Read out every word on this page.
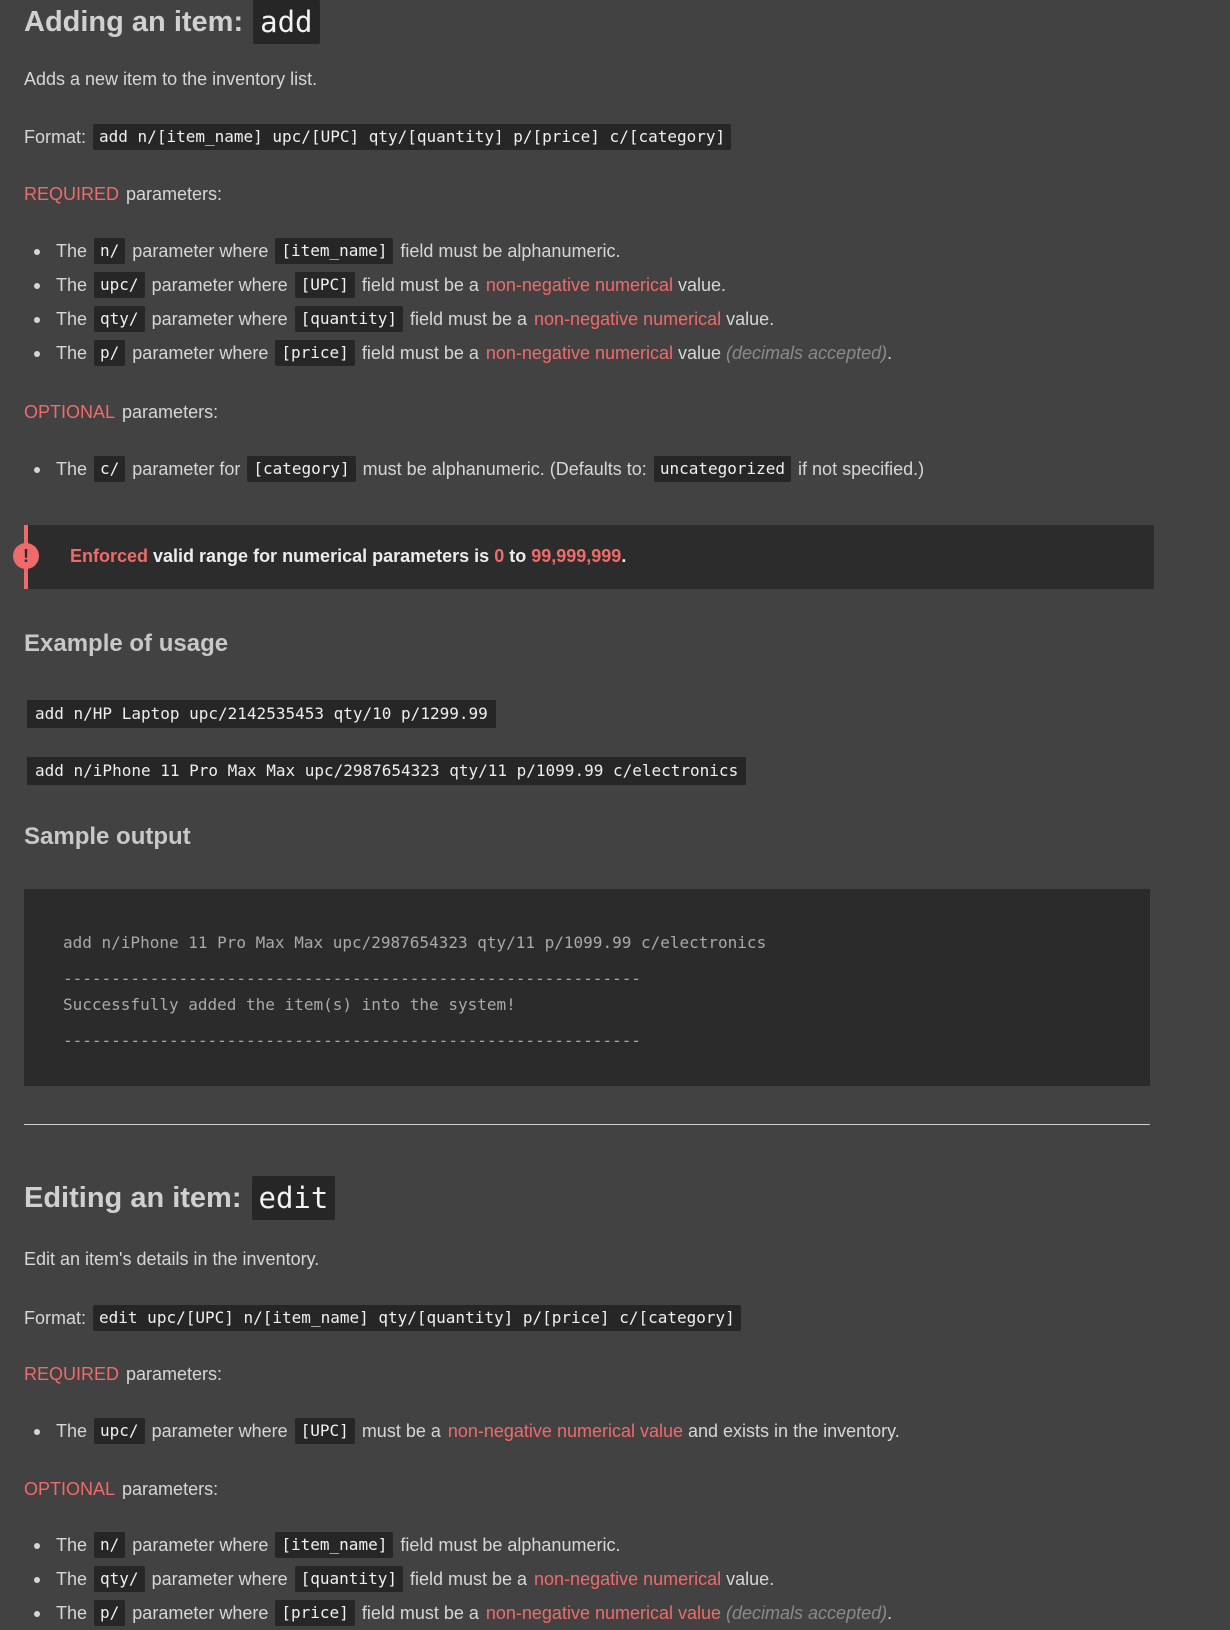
Adding an item: add
Adds a new item to the inventory list.
Format: add n/[item_name] upc/[UPC] qty/[quantity] p/[price] c/[category]
REQUIRED parameters:
The n/ parameter where [item_name] field must be alphanumeric.
The upc/ parameter where [UPC] field must be a non-negative numerical value.
The qty/ parameter where [quantity] field must be a non-negative numerical value.
The p/ parameter where [price] field must be a non-negative numerical value (decimals accepted) .
OPTIONAL parameters:
The c/ parameter for [category] must be alphanumeric. (Defaults to: uncategorized if not specified.)
!	Enforced valid range for numerical parameters is 0 to 99,999,999.
Example of usage
add n/HP Laptop upc/2142535453 qty/10 p/1299.99
add n/iPhone 11 Pro Max Max upc/2987654323 qty/11 p/1099.99 c/electronics
Sample output
add n/iPhone 11 Pro Max Max upc/2987654323 qty/11 p/1099.99 c/electronics
------------------------------------------------------------
Successfully added the item(s) into the system!
------------------------------------------------------------
Editing an item: edit
Edit an item's details in the inventory.
Format: edit upc/[UPC] n/[item_name] qty/[quantity] p/[price] c/[category]
REQUIRED parameters:
The upc/ parameter where [UPC] must be a non-negative numerical value and exists in the inventory.
OPTIONAL parameters:
The n/ parameter where [item_name] field must be alphanumeric.
The qty/ parameter where [quantity] field must be a non-negative numerical value.
The p/ parameter where [price] field must be a non-negative numerical value (decimals accepted) .
